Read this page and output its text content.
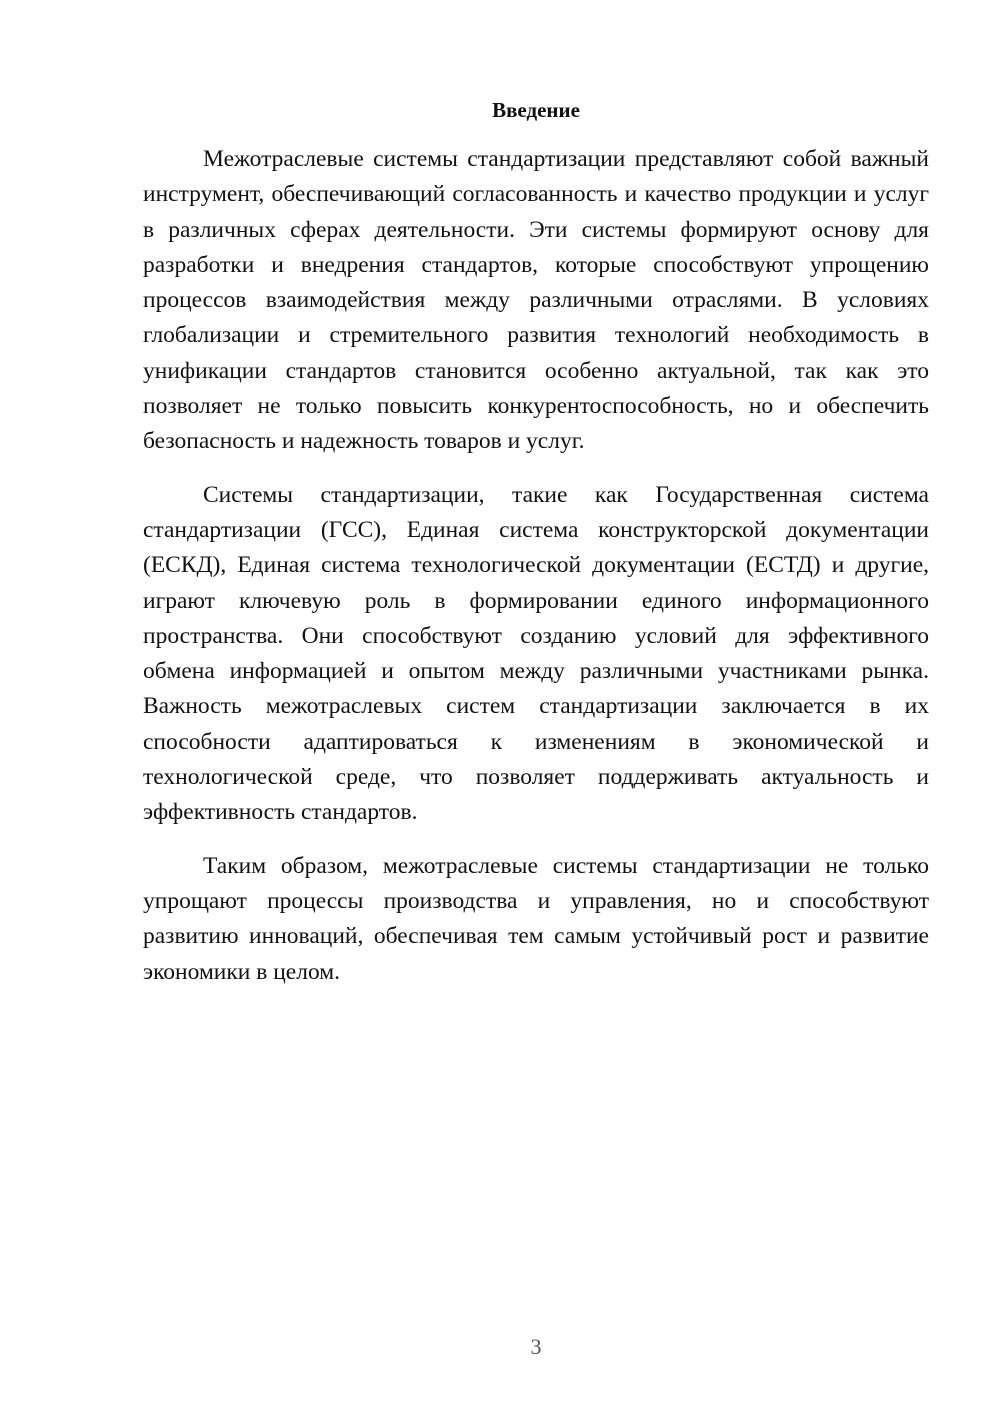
Введение

Межотраслевые системы стандартизации представляют собой важный инструмент, обеспечивающий согласованность и качество продукции и услуг в различных сферах деятельности. Эти системы формируют основу для разработки и внедрения стандартов, которые способствуют упрощению процессов взаимодействия между различными отраслями. В условиях глобализации и стремительного развития технологий необходимость в унификации стандартов становится особенно актуальной, так как это позволяет не только повысить конкурентоспособность, но и обеспечить безопасность и надежность товаров и услуг.

Системы стандартизации, такие как Государственная система стандартизации (ГСС), Единая система конструкторской документации (ЕСКД), Единая система технологической документации (ЕСТД) и другие, играют ключевую роль в формировании единого информационного пространства. Они способствуют созданию условий для эффективного обмена информацией и опытом между различными участниками рынка. Важность межотраслевых систем стандартизации заключается в их способности адаптироваться к изменениям в экономической и технологической среде, что позволяет поддерживать актуальность и эффективность стандартов.

Таким образом, межотраслевые системы стандартизации не только упрощают процессы производства и управления, но и способствуют развитию инноваций, обеспечивая тем самым устойчивый рост и развитие экономики в целом.

3
